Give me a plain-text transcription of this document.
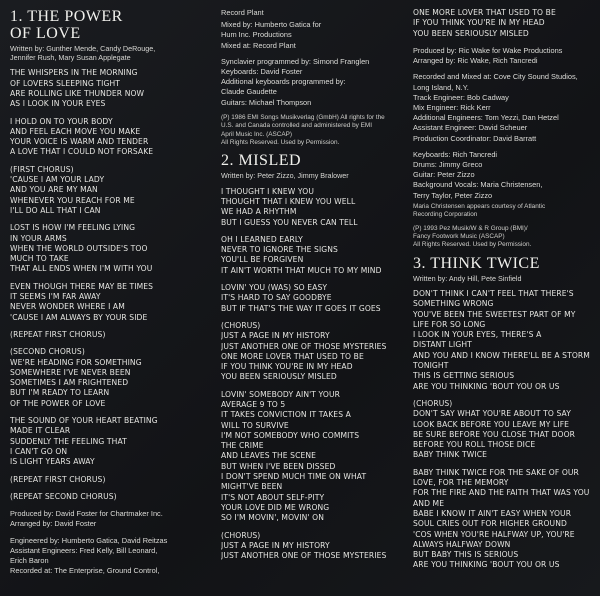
1. THE POWER
OF LOVE
Written by: Gunther Mende, Candy DeRouge,
Jennifer Rush, Mary Susan Applegate
THE WHISPERS IN THE MORNING
OF LOVERS SLEEPING TIGHT
ARE ROLLING LIKE THUNDER NOW
AS I LOOK IN YOUR EYES
I HOLD ON TO YOUR BODY
AND FEEL EACH MOVE YOU MAKE
YOUR VOICE IS WARM AND TENDER
A LOVE THAT I COULD NOT FORSAKE
(FIRST CHORUS)
'CAUSE I AM YOUR LADY
AND YOU ARE MY MAN
WHENEVER YOU REACH FOR ME
I'LL DO ALL THAT I CAN
LOST IS HOW I'M FEELING LYING
IN YOUR ARMS
WHEN THE WORLD OUTSIDE'S TOO
MUCH TO TAKE
THAT ALL ENDS WHEN I'M WITH YOU
EVEN THOUGH THERE MAY BE TIMES
IT SEEMS I'M FAR AWAY
NEVER WONDER WHERE I AM
'CAUSE I AM ALWAYS BY YOUR SIDE
(REPEAT FIRST CHORUS)
(SECOND CHORUS)
WE'RE HEADING FOR SOMETHING
SOMEWHERE I'VE NEVER BEEN
SOMETIMES I AM FRIGHTENED
BUT I'M READY TO LEARN
OF THE POWER OF LOVE
THE SOUND OF YOUR HEART BEATING
MADE IT CLEAR
SUDDENLY THE FEELING THAT
I CAN'T GO ON
IS LIGHT YEARS AWAY
(REPEAT FIRST CHORUS)
(REPEAT SECOND CHORUS)
Produced by: David Foster for Chartmaker Inc.
Arranged by: David Foster
Engineered by: Humberto Gatica, David Reitzas
Assistant Engineers: Fred Kelly, Bill Leonard,
Erich Baron
Recorded at: The Enterprise, Ground Control,
Record Plant
Mixed by: Humberto Gatica for
Hum Inc. Productions
Mixed at: Record Plant
Synclavier programmed by: Simond Franglen
Keyboards: David Foster
Additional keyboards programmed by:
Claude Gaudette
Guitars: Michael Thompson
(P) 1986 EMI Songs Musikverlag (GmbH) All rights for the
U.S. and Canada controlled and administered by EMI
April Music Inc. (ASCAP)
All Rights Reserved. Used by Permission.
2. MISLED
Written by: Peter Zizzo, Jimmy Bralower
I THOUGHT I KNEW YOU
THOUGHT THAT I KNEW YOU WELL
WE HAD A RHYTHM
BUT I GUESS YOU NEVER CAN TELL
OH I LEARNED EARLY
NEVER TO IGNORE THE SIGNS
YOU'LL BE FORGIVEN
IT AIN'T WORTH THAT MUCH TO MY MIND
LOVIN' YOU (WAS) SO EASY
IT'S HARD TO SAY GOODBYE
BUT IF THAT'S THE WAY IT GOES IT GOES
(CHORUS)
JUST A PAGE IN MY HISTORY
JUST ANOTHER ONE OF THOSE MYSTERIES
ONE MORE LOVER THAT USED TO BE
IF YOU THINK YOU'RE IN MY HEAD
YOU BEEN SERIOUSLY MISLED
LOVIN' SOMEBODY AIN'T YOUR
AVERAGE 9 TO 5
IT TAKES CONVICTION IT TAKES A
WILL TO SURVIVE
I'M NOT SOMEBODY WHO COMMITS
THE CRIME
AND LEAVES THE SCENE
BUT WHEN I'VE BEEN DISSED
I DON'T SPEND MUCH TIME ON WHAT
MIGHT'VE BEEN
IT'S NOT ABOUT SELF-PITY
YOUR LOVE DID ME WRONG
SO I'M MOVIN', MOVIN' ON
(CHORUS)
JUST A PAGE IN MY HISTORY
JUST ANOTHER ONE OF THOSE MYSTERIES
ONE MORE LOVER THAT USED TO BE
IF YOU THINK YOU'RE IN MY HEAD
YOU BEEN SERIOUSLY MISLED
Produced by: Ric Wake for Wake Productions
Arranged by: Ric Wake, Rich Tancredi
Recorded and Mixed at: Cove City Sound Studios,
Long Island, N.Y.
Track Engineer: Bob Cadway
Mix Engineer: Rick Kerr
Additional Engineers: Tom Yezzi, Dan Hetzel
Assistant Engineer: David Scheuer
Production Coordinator: David Barratt
Keyboards: Rich Tancredi
Drums: Jimmy Greco
Guitar: Peter Zizzo
Background Vocals: Maria Christensen,
Terry Taylor, Peter Zizzo
Maria Christensen appears courtesy of Atlantic
Recording Corporation
(P) 1993 Pez Musik/W & R Group (BMI)/
Fancy Footwork Music (ASCAP)
All Rights Reserved. Used by Permission.
3. THINK TWICE
Written by: Andy Hill, Pete Sinfield
DON'T THINK I CAN'T FEEL THAT THERE'S
SOMETHING WRONG
YOU'VE BEEN THE SWEETEST PART OF MY
LIFE FOR SO LONG
I LOOK IN YOUR EYES, THERE'S A
DISTANT LIGHT
AND YOU AND I KNOW THERE'LL BE A STORM
TONIGHT
THIS IS GETTING SERIOUS
ARE YOU THINKING 'BOUT YOU OR US
(CHORUS)
DON'T SAY WHAT YOU'RE ABOUT TO SAY
LOOK BACK BEFORE YOU LEAVE MY LIFE
BE SURE BEFORE YOU CLOSE THAT DOOR
BEFORE YOU ROLL THOSE DICE
BABY THINK TWICE
BABY THINK TWICE FOR THE SAKE OF OUR
LOVE, FOR THE MEMORY
FOR THE FIRE AND THE FAITH THAT WAS YOU
AND ME
BABE I KNOW IT AIN'T EASY WHEN YOUR
SOUL CRIES OUT FOR HIGHER GROUND
'COS WHEN YOU'RE HALFWAY UP, YOU'RE
ALWAYS HALFWAY DOWN
BUT BABY THIS IS SERIOUS
ARE YOU THINKING 'BOUT YOU OR US
